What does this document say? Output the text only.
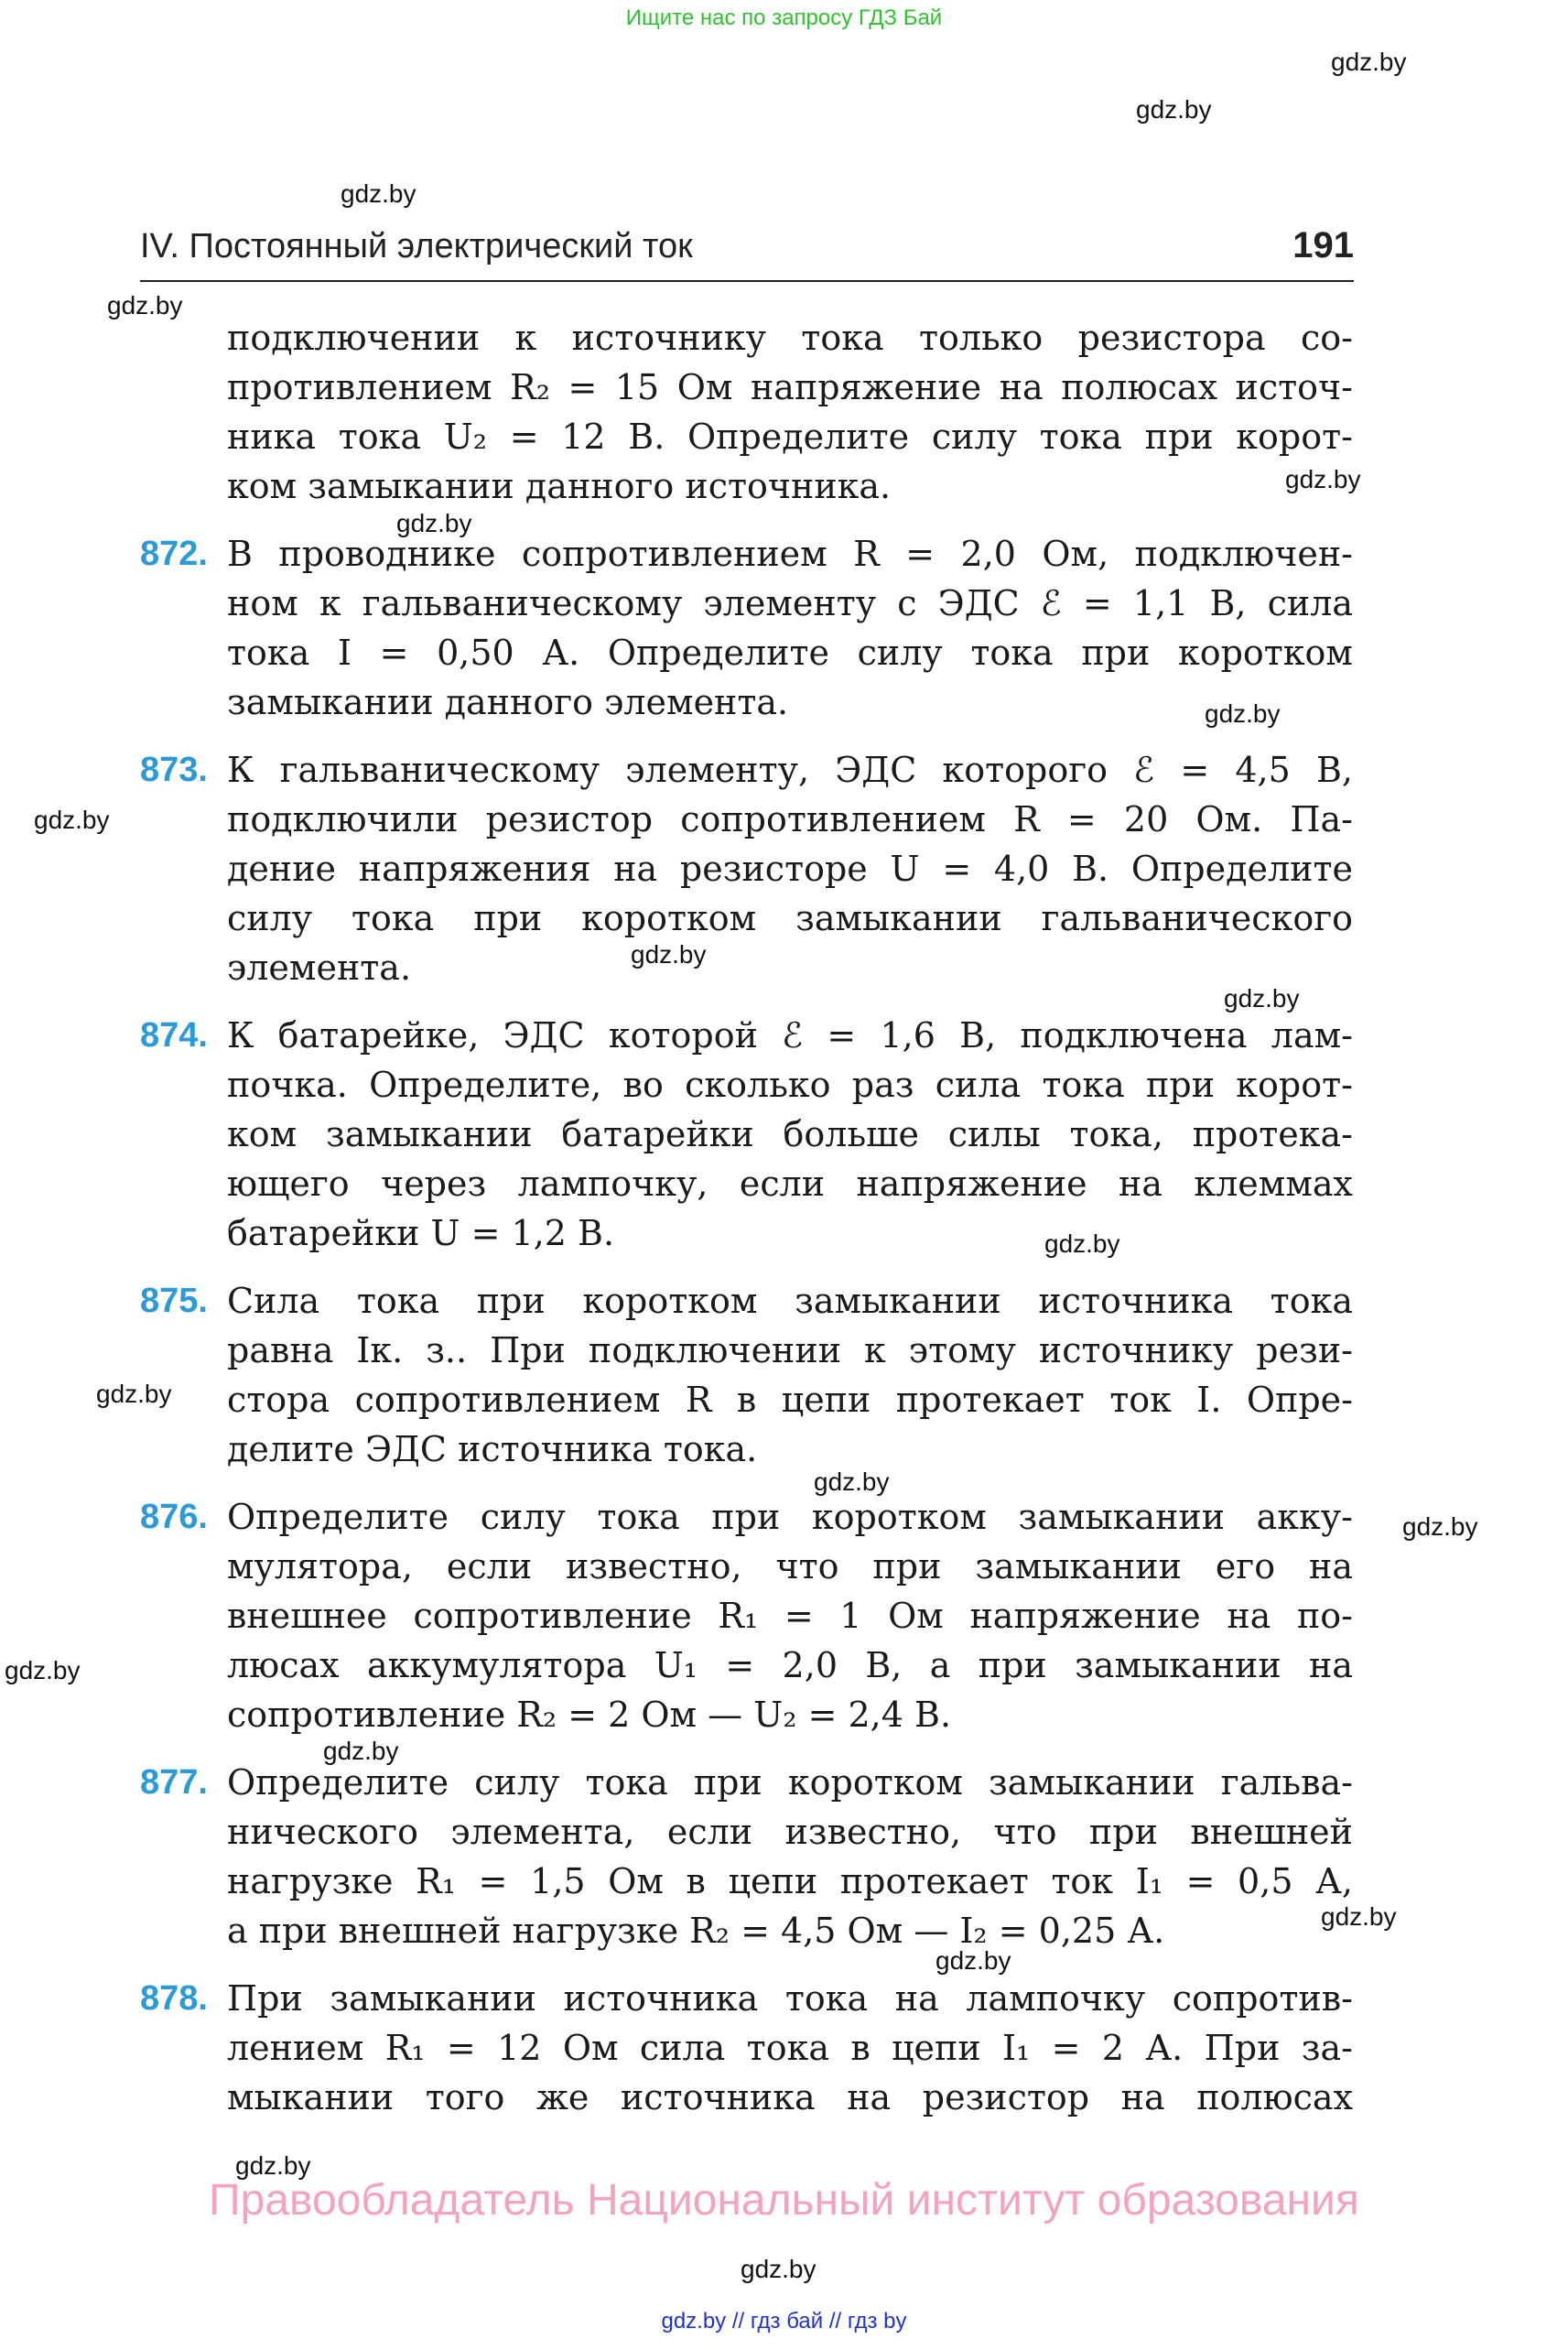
Ищите нас по запросу ГДЗ Бай
gdz.by
gdz.by
gdz.by
gdz.by
gdz.by
gdz.by
gdz.by
gdz.by
gdz.by
gdz.by
gdz.by
gdz.by
gdz.by
gdz.by
gdz.by
gdz.by
gdz.by
gdz.by
gdz.by
gdz.by
IV. Постоянный электрический ток	191
подключении к источнику тока только резистора со-
противлением R₂ = 15 Ом напряжение на полюсах источ-
ника тока U₂ = 12 В. Определите силу тока при корот-
ком замыкании данного источника.
872. В проводнике сопротивлением R = 2,0 Ом, подключен-
ном к гальваническому элементу с ЭДС ℰ = 1,1 В, сила
тока I = 0,50 А. Определите силу тока при коротком
замыкании данного элемента.
873. К гальваническому элементу, ЭДС которого ℰ = 4,5 В,
подключили резистор сопротивлением R = 20 Ом. Па-
дение напряжения на резисторе U = 4,0 В. Определите
силу тока при коротком замыкании гальванического
элемента.
874. К батарейке, ЭДС которой ℰ = 1,6 В, подключена лам-
почка. Определите, во сколько раз сила тока при корот-
ком замыкании батарейки больше силы тока, протека-
ющего через лампочку, если напряжение на клеммах
батарейки U = 1,2 В.
875. Сила тока при коротком замыкании источника тока
равна Iк. з.. При подключении к этому источнику рези-
стора сопротивлением R в цепи протекает ток I. Опре-
делите ЭДС источника тока.
876. Определите силу тока при коротком замыкании акку-
мулятора, если известно, что при замыкании его на
внешнее сопротивление R₁ = 1 Ом напряжение на по-
люсах аккумулятора U₁ = 2,0 В, а при замыкании на
сопротивление R₂ = 2 Ом — U₂ = 2,4 В.
877. Определите силу тока при коротком замыкании гальва-
нического элемента, если известно, что при внешней
нагрузке R₁ = 1,5 Ом в цепи протекает ток I₁ = 0,5 А,
а при внешней нагрузке R₂ = 4,5 Ом — I₂ = 0,25 А.
878. При замыкании источника тока на лампочку сопротив-
лением R₁ = 12 Ом сила тока в цепи I₁ = 2 А. При за-
мыкании того же источника на резистор на полюсах
Правообладатель Национальный институт образования
gdz.by // гдз бай // гдз by
